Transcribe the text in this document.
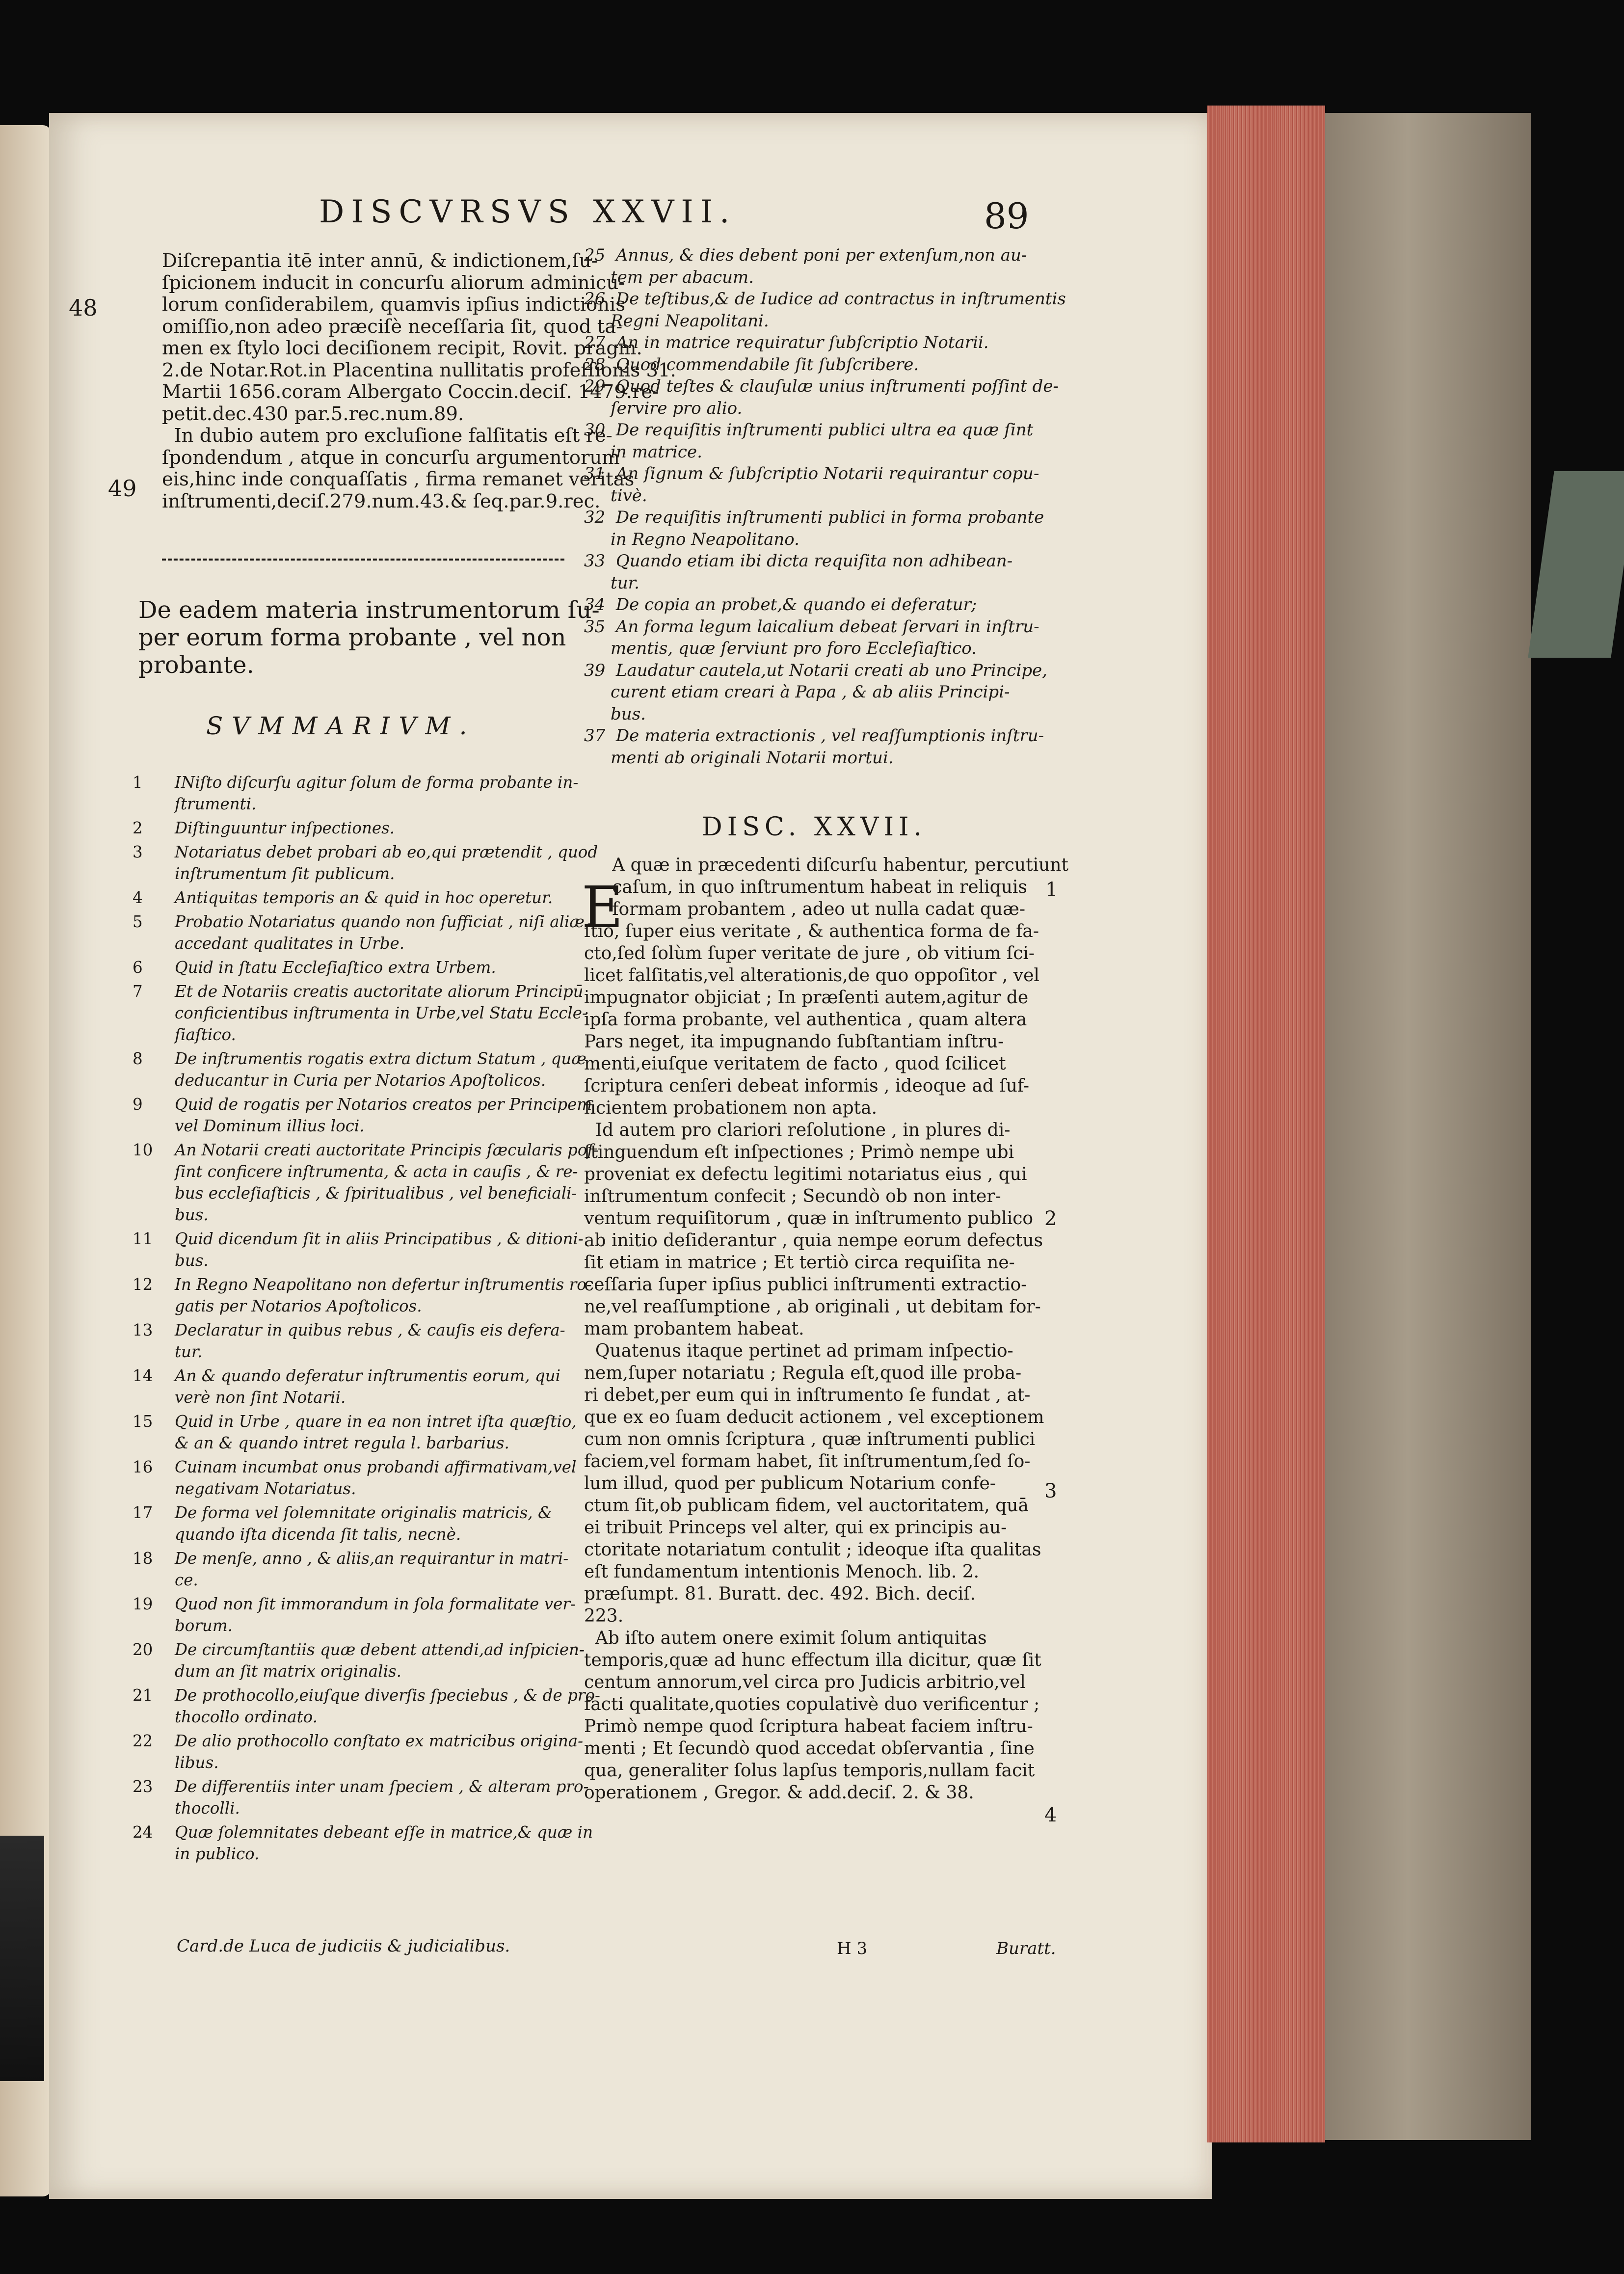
DISCVRSVS XXVII.	89
Diſcrepantia itē inter annū, & indictionem,ſu-
ſpicionem inducit in concurſu aliorum adminicu-
lorum conſiderabilem, quamvis ipſius indictionis
omiſſio,non adeo præciſè neceſſaria ſit, quod ta-
men ex ſtylo loci deciſionem recipit, Rovit. pragm.
2.de Notar.Rot.in Placentina nullitatis profeſſionis 31.
Martii 1656.coram Albergato Coccin.deciſ. 1479.re-
petit.dec.430 par.5.rec.num.89.
In dubio autem pro excluſione falſitatis eſt re-
ſpondendum , atque in concurſu argumentorum
eis,hinc inde conquaſſatis , firma remanet veritas
inſtrumenti,deciſ.279.num.43.& ſeq.par.9.rec.
48
49
De eadem materia instrumentorum ſu-
per eorum forma probante , vel non
probante.
SVMMARIVM.
1 INiſto diſcurſu agitur ſolum de forma probante in-
ſtrumenti.
2 Diſtinguuntur inſpectiones.
3 Notariatus debet probari ab eo,qui prætendit , quod
inſtrumentum ſit publicum.
4 Antiquitas temporis an & quid in hoc operetur.
5 Probatio Notariatus quando non ſufficiat , niſi aliæ
accedant qualitates in Urbe.
6 Quid in ſtatu Eccleſiaſtico extra Urbem.
7 Et de Notariis creatis auctoritate aliorum Principū
conficientibus inſtrumenta in Urbe,vel Statu Eccle-
ſiaſtico.
8 De inſtrumentis rogatis extra dictum Statum , quæ
deducantur in Curia per Notarios Apoſtolicos.
9 Quid de rogatis per Notarios creatos per Principem
vel Dominum illius loci.
10 An Notarii creati auctoritate Principis ſæcularis poſ-
ſint conficere inſtrumenta, & acta in cauſis , & re-
bus eccleſiaſticis , & ſpiritualibus , vel beneficiali-
bus.
11 Quid dicendum ſit in aliis Principatibus , & ditioni-
bus.
12 In Regno Neapolitano non defertur inſtrumentis ro-
gatis per Notarios Apoſtolicos.
13 Declaratur in quibus rebus , & cauſis eis defera-
tur.
14 An & quando deferatur inſtrumentis eorum, qui
verè non ſint Notarii.
15 Quid in Urbe , quare in ea non intret iſta quæſtio,
& an & quando intret regula l. barbarius.
16 Cuinam incumbat onus probandi affirmativam,vel
negativam Notariatus.
17 De forma vel ſolemnitate originalis matricis, &
quando iſta dicenda ſit talis, necnè.
18 De menſe, anno , & aliis,an requirantur in matri-
ce.
19 Quod non ſit immorandum in ſola formalitate ver-
borum.
20 De circumſtantiis quæ debent attendi,ad inſpicien-
dum an ſit matrix originalis.
21 De prothocollo,eiuſque diverſis ſpeciebus , & de pro-
thocollo ordinato.
22 De alio prothocollo conſtato ex matricibus origina-
libus.
23 De differentiis inter unam ſpeciem , & alteram pro-
thocolli.
24 Quæ ſolemnitates debeant eſſe in matrice,& quæ in
in publico.
Card.de Luca de judiciis & judicialibus.
25  Annus, & dies debent poni per extenſum,non au-
tem per abacum.
26  De teſtibus,& de Iudice ad contractus in inſtrumentis
Regni Neapolitani.
27  An in matrice requiratur ſubſcriptio Notarii.
28  Quod commendabile ſit ſubſcribere.
29  Quod teſtes & clauſulæ unius inſtrumenti poſſint de-
ſervire pro alio.
30  De requiſitis inſtrumenti publici ultra ea quæ ſint
in matrice.
31  An ſignum & ſubſcriptio Notarii requirantur copu-
tivè.
32  De requiſitis inſtrumenti publici in forma probante
in Regno Neapolitano.
33  Quando etiam ibi dicta requiſita non adhibean-
tur.
34  De copia an probet,& quando ei deferatur;
35  An forma legum laicalium debeat ſervari in inſtru-
mentis, quæ ſerviunt pro foro Eccleſiaſtico.
39  Laudatur cautela,ut Notarii creati ab uno Principe,
curent etiam creari à Papa , & ab aliis Principi-
bus.
37  De materia extractionis , vel reaſſumptionis inſtru-
menti ab originali Notarii mortui.
DISC. XXVII.
E
A quæ in præcedenti diſcurſu habentur, percutiunt
caſum, in quo inſtrumentum habeat in reliquis
formam probantem , adeo ut nulla cadat quæ-
ſtio, ſuper eius veritate , & authentica forma de fa-
cto,ſed ſolùm ſuper veritate de jure , ob vitium ſci-
licet falſitatis,vel alterationis,de quo oppoſitor , vel
impugnator objiciat ; In præſenti autem,agitur de
ipſa forma probante, vel authentica , quam altera
Pars neget, ita impugnando ſubſtantiam inſtru-
menti,eiuſque veritatem de facto , quod ſcilicet
ſcriptura cenſeri debeat informis , ideoque ad ſuf-
ficientem probationem non apta.
Id autem pro clariori reſolutione , in plures di-
ſtinguendum eſt inſpectiones ; Primò nempe ubi
proveniat ex defectu legitimi notariatus eius , qui
inſtrumentum confecit ; Secundò ob non inter-
ventum requiſitorum , quæ in inſtrumento publico
ab initio deſiderantur , quia nempe eorum defectus
ſit etiam in matrice ; Et tertiò circa requiſita ne-
ceſſaria ſuper ipſius publici inſtrumenti extractio-
ne,vel reaſſumptione , ab originali , ut debitam for-
mam probantem habeat.
Quatenus itaque pertinet ad primam inſpectio-
nem,ſuper notariatu ; Regula eſt,quod ille proba-
ri debet,per eum qui in inſtrumento ſe fundat , at-
que ex eo ſuam deducit actionem , vel exceptionem
cum non omnis ſcriptura , quæ inſtrumenti publici
faciem,vel formam habet, ſit inſtrumentum,ſed ſo-
lum illud, quod per publicum Notarium confe-
ctum ſit,ob publicam fidem, vel auctoritatem, quā
ei tribuit Princeps vel alter, qui ex principis au-
ctoritate notariatum contulit ; ideoque iſta qualitas
eſt fundamentum intentionis Menoch. lib. 2.
præſumpt. 81. Buratt. dec. 492. Bich. deciſ.
223.
Ab iſto autem onere eximit ſolum antiquitas
temporis,quæ ad hunc effectum illa dicitur, quæ ſit
centum annorum,vel circa pro Judicis arbitrio,vel
facti qualitate,quoties copulativè duo verificentur ;
Primò nempe quod ſcriptura habeat faciem inſtru-
menti ; Et ſecundò quod accedat obſervantia , ſine
qua, generaliter ſolus lapſus temporis,nullam facit
operationem , Gregor. & add.deciſ. 2. & 38.
1
2
3
4
H 3	Buratt.
